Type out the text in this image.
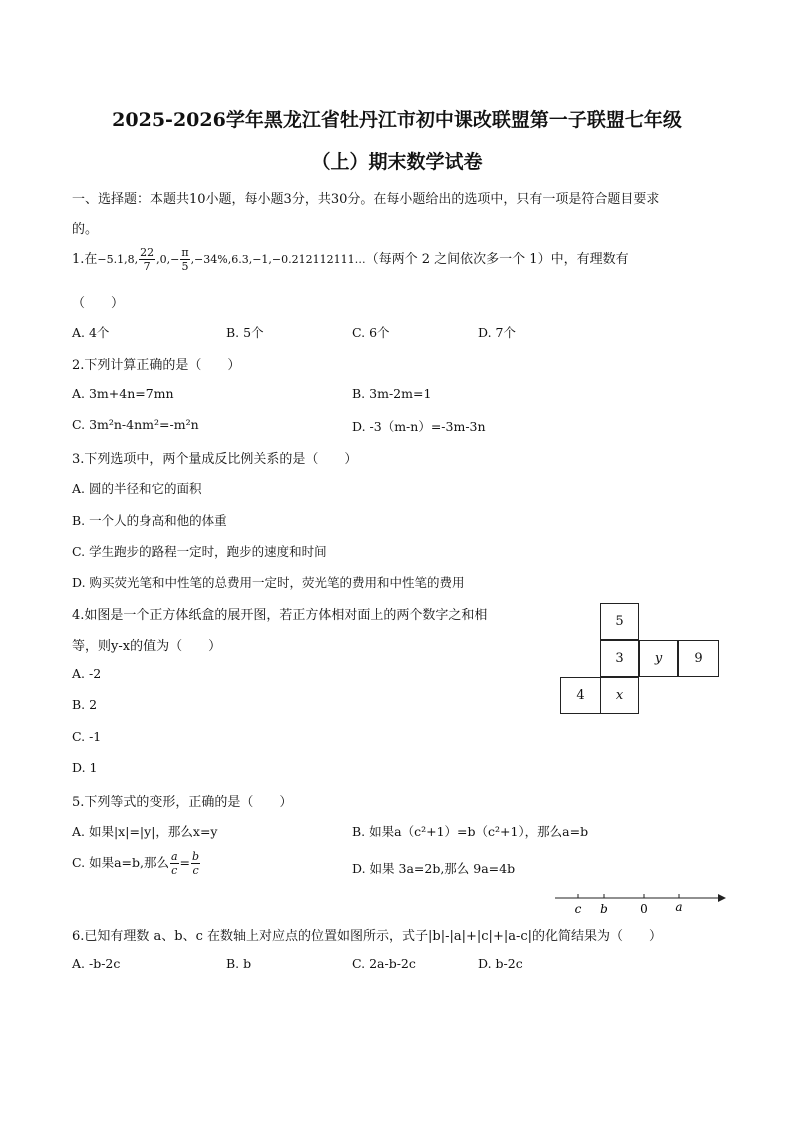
2025-2026学年黑龙江省牡丹江市初中课改联盟第一子联盟七年级
（上）期末数学试卷
一、选择题：本题共10小题，每小题3分，共30分。在每小题给出的选项中，只有一项是符合题目要求
的。
1.在−5.1,8, $\frac{22}{7} ,0,- \frac{\pi}{5}$ ,−34%,6.3,−1,−0.212112111…（每两个 2 之间依次多一个 1）中，有理数有
（　　）
A. 4个	B. 5个	C. 6个	D. 7个
2.下列计算正确的是（　　）
A. 3m+4n=7mn	B. 3m-2m=1
C. 3m²n-4nm²=-m²n	D. -3（m-n）=-3m-3n
3.下列选项中，两个量成反比例关系的是（　　）
A. 圆的半径和它的面积
B. 一个人的身高和他的体重
C. 学生跑步的路程一定时，跑步的速度和时间
D. 购买荧光笔和中性笔的总费用一定时，荧光笔的费用和中性笔的费用
4.如图是一个正方体纸盒的展开图，若正方体相对面上的两个数字之和相
等，则y-x的值为（　　）
A. -2
B. 2
C. -1
D. 1
5
3	y	9
4	x
5.下列等式的变形，正确的是（　　）
A. 如果|x|=|y|，那么x=y	B. 如果a（c²+1）=b（c²+1），那么a=b
C. 如果a=b,那么 $\frac{a}{c} = \frac{b}{c}$	D. 如果 3a=2b,那么 9a=4b
c b	0 a
6.已知有理数 a、b、c 在数轴上对应点的位置如图所示，式子|b|-|a|+|c|+|a-c|的化简结果为（　　）
A. -b-2c	B. b	C. 2a-b-2c	D. b-2c
